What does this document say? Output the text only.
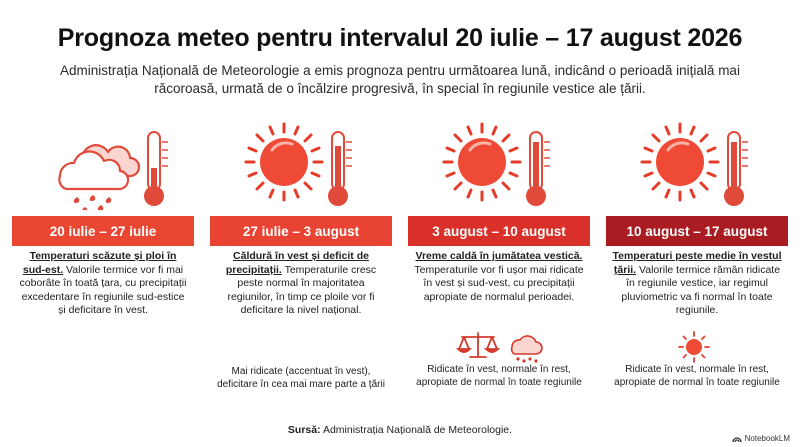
Prognoza meteo pentru intervalul 20 iulie – 17 august 2026
Administrația Națională de Meteorologie a emis prognoza pentru următoarea lună, indicând o perioadă inițială mai răcoroasă, urmată de o încălzire progresivă, în special în regiunile vestice ale țării.
20 iulie – 27 iulie
Temperaturi scăzute și ploi în sud-est. Valorile termice vor fi mai coborâte în toată țara, cu precipitații excedentare în regiunile sud-estice și deficitare în vest.
27 iulie – 3 august
Căldură în vest și deficit de precipitații. Temperaturile cresc peste normal în majoritatea regiunilor, în timp ce ploile vor fi deficitare la nivel național.
Mai ridicate (accentuat în vest), deficitare în cea mai mare parte a țării
3 august – 10 august
Vreme caldă în jumătatea vestică. Temperaturile vor fi ușor mai ridicate în vest și sud-vest, cu precipitații apropiate de normalul perioadei.
Ridicate în vest, normale în rest, apropiate de normal în toate regiunile
10 august – 17 august
Temperaturi peste medie în vestul țării. Valorile termice rămân ridicate în regiunile vestice, iar regimul pluviometric va fi normal în toate regiunile.
Ridicate în vest, normale în rest, apropiate de normal în toate regiunile
Sursă: Administrația Națională de Meteorologie.
NotebookLM
